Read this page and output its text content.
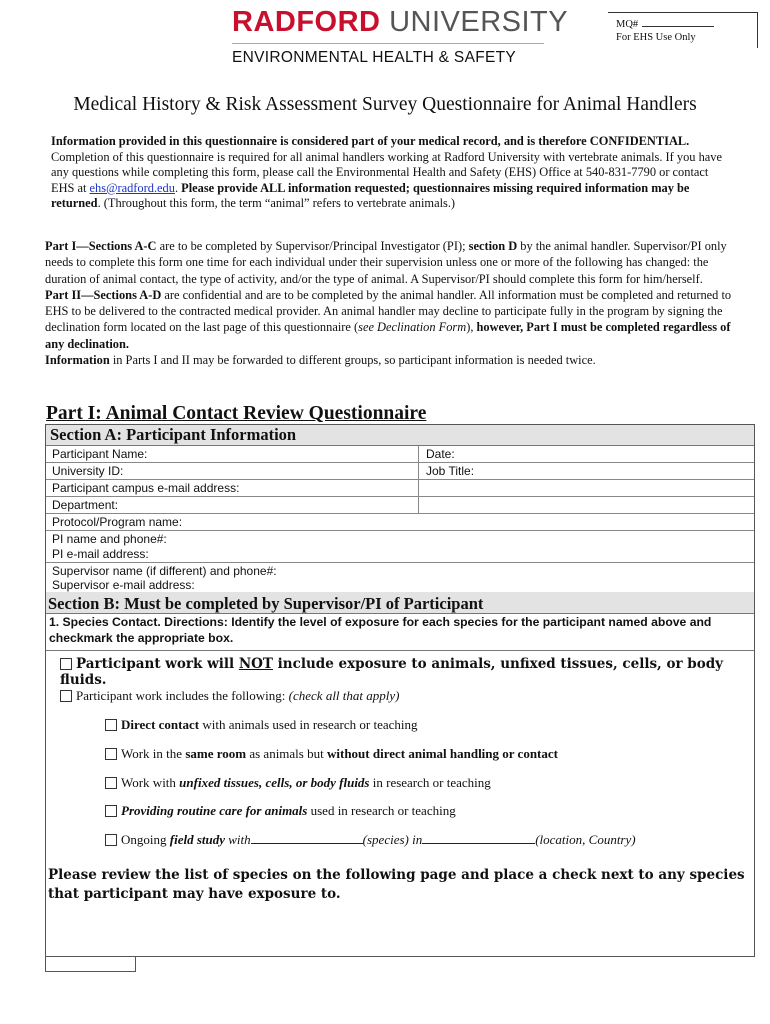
RADFORD UNIVERSITY
ENVIRONMENTAL HEALTH & SAFETY
MQ#
For EHS Use Only
Medical History & Risk Assessment Survey Questionnaire for Animal Handlers
Information provided in this questionnaire is considered part of your medical record, and is therefore CONFIDENTIAL. Completion of this questionnaire is required for all animal handlers working at Radford University with vertebrate animals. If you have any questions while completing this form, please call the Environmental Health and Safety (EHS) Office at 540-831-7790 or contact EHS at ehs@radford.edu. Please provide ALL information requested; questionnaires missing required information may be returned. (Throughout this form, the term “animal” refers to vertebrate animals.)
Part I—Sections A-C are to be completed by Supervisor/Principal Investigator (PI); section D by the animal handler. Supervisor/PI only needs to complete this form one time for each individual under their supervision unless one or more of the following has changed: the duration of animal contact, the type of activity, and/or the type of animal. A Supervisor/PI should complete this form for him/herself.
Part II—Sections A-D are confidential and are to be completed by the animal handler. All information must be completed and returned to EHS to be delivered to the contracted medical provider. An animal handler may decline to participate fully in the program by signing the declination form located on the last page of this questionnaire (see Declination Form), however, Part I must be completed regardless of any declination.
Information in Parts I and II may be forwarded to different groups, so participant information is needed twice.
Part I: Animal Contact Review Questionnaire
Section A: Participant Information
Participant Name:	Date:
University ID:	Job Title:
Participant campus e-mail address:
Department:
Protocol/Program name:
PI name and phone#:
PI e-mail address:
Supervisor name (if different) and phone#:
Supervisor e-mail address:
Section B: Must be completed by Supervisor/PI of Participant
1. Species Contact. Directions: Identify the level of exposure for each species for the participant named above and checkmark the appropriate box.
Participant work will NOT include exposure to animals, unfixed tissues, cells, or body fluids.
Participant work includes the following: (check all that apply)
Direct contact with animals used in research or teaching
Work in the same room as animals but without direct animal handling or contact
Work with unfixed tissues, cells, or body fluids in research or teaching
Providing routine care for animals used in research or teaching
Ongoing field study with	(species) in	(location, Country)
Please review the list of species on the following page and place a check next to any species that participant may have exposure to.
